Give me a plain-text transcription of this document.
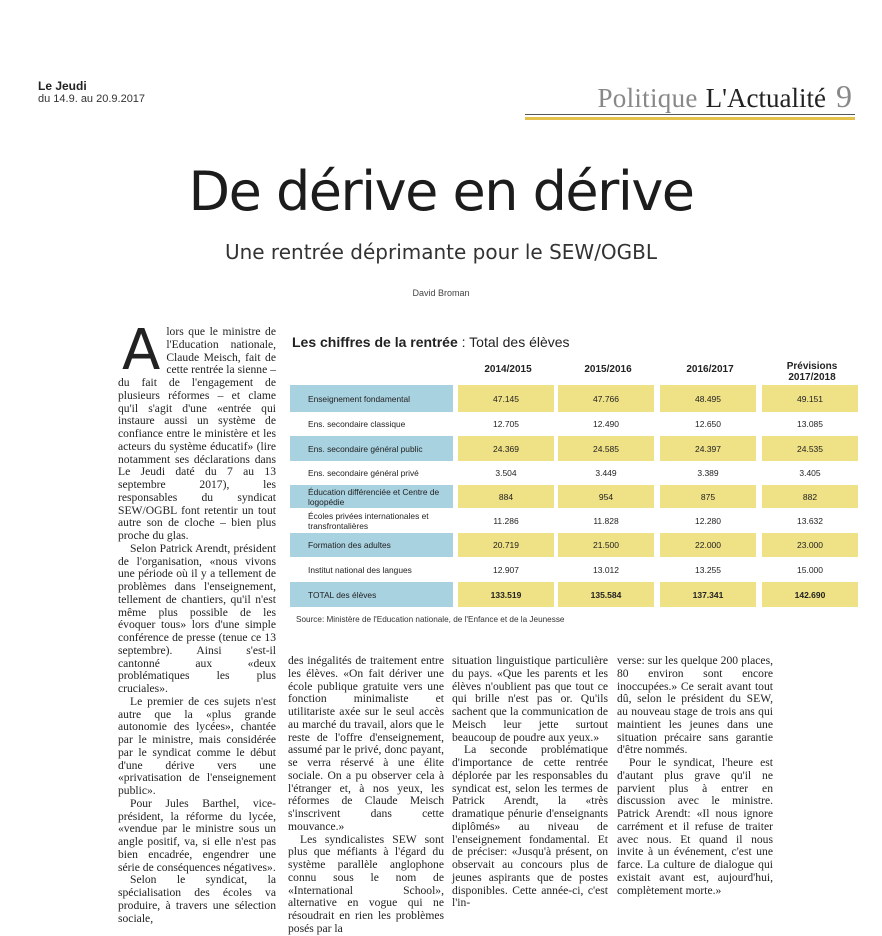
Le Jeudi
du 14.9. au 20.9.2017	Politique L'Actualité 9
De dérive en dérive
Une rentrée déprimante pour le SEW/OGBL
David Broman

Alors que le ministre de l'Education nationale, Claude Meisch, fait de cette rentrée la sienne – du fait de l'engagement de plusieurs réformes – et clame qu'il s'agit d'une «entrée qui instaure aussi un système de confiance entre le ministère et les acteurs du système éducatif» (lire notamment ses déclarations dans Le Jeudi daté du 7 au 13 septembre 2017), les responsables du syndicat SEW/OGBL font retentir un tout autre son de cloche – bien plus proche du glas.

Selon Patrick Arendt, président de l'organisation, «nous vivons une période où il y a tellement de problèmes dans l'enseignement, tellement de chantiers, qu'il n'est même plus possible de les évoquer tous» lors d'une simple conférence de presse (tenue ce 13 septembre). Ainsi s'est-il cantonné aux «deux problématiques les plus cruciales».

Le premier de ces sujets n'est autre que la «plus grande autonomie des lycées», chantée par le ministre, mais considérée par le syndicat comme le début d'une dérive vers une «privatisation de l'enseignement public».

Pour Jules Barthel, vice-président, la réforme du lycée, «vendue par le ministre sous un angle positif, va, si elle n'est pas bien encadrée, engendrer une série de conséquences négatives».

Selon le syndicat, la spécialisation des écoles va produire, à travers une sélection sociale,

Les chiffres de la rentrée : Total des élèves
2014/2015	2015/2016	2016/2017	Prévisions 2017/2018
Enseignement fondamental	47.145	47.766	48.495	49.151
Ens. secondaire classique	12.705	12.490	12.650	13.085
Ens. secondaire général public	24.369	24.585	24.397	24.535
Ens. secondaire général privé	3.504	3.449	3.389	3.405
Éducation différenciée et Centre de logopédie	884	954	875	882
Écoles privées internationales et transfrontalières	11.286	11.828	12.280	13.632
Formation des adultes	20.719	21.500	22.000	23.000
Institut national des langues	12.907	13.012	13.255	15.000
TOTAL des élèves	133.519	135.584	137.341	142.690
Source: Ministère de l'Education nationale, de l'Enfance et de la Jeunesse

des inégalités de traitement entre les élèves. «On fait dériver une école publique gratuite vers une fonction minimaliste et utilitariste axée sur le seul accès au marché du travail, alors que le reste de l'offre d'enseignement, assumé par le privé, donc payant, se verra réservé à une élite sociale. On a pu observer cela à l'étranger et, à nos yeux, les réformes de Claude Meisch s'inscrivent dans cette mouvance.»

Les syndicalistes SEW sont plus que méfiants à l'égard du système parallèle anglophone connu sous le nom de «International School», alternative en vogue qui ne résoudrait en rien les problèmes posés par la

situation linguistique particulière du pays. «Que les parents et les élèves n'oublient pas que tout ce qui brille n'est pas or. Qu'ils sachent que la communication de Meisch leur jette surtout beaucoup de poudre aux yeux.»

La seconde problématique d'importance de cette rentrée déplorée par les responsables du syndicat est, selon les termes de Patrick Arendt, la «très dramatique pénurie d'enseignants diplômés» au niveau de l'enseignement fondamental. Et de préciser: «Jusqu'à présent, on observait au concours plus de jeunes aspirants que de postes disponibles. Cette année-ci, c'est l'in-

verse: sur les quelque 200 places, 80 environ sont encore inoccupées.» Ce serait avant tout dû, selon le président du SEW, au nouveau stage de trois ans qui maintient les jeunes dans une situation précaire sans garantie d'être nommés.

Pour le syndicat, l'heure est d'autant plus grave qu'il ne parvient plus à entrer en discussion avec le ministre. Patrick Arendt: «Il nous ignore carrément et il refuse de traiter avec nous. Et quand il nous invite à un événement, c'est une farce. La culture de dialogue qui existait avant est, aujourd'hui, complètement morte.»
